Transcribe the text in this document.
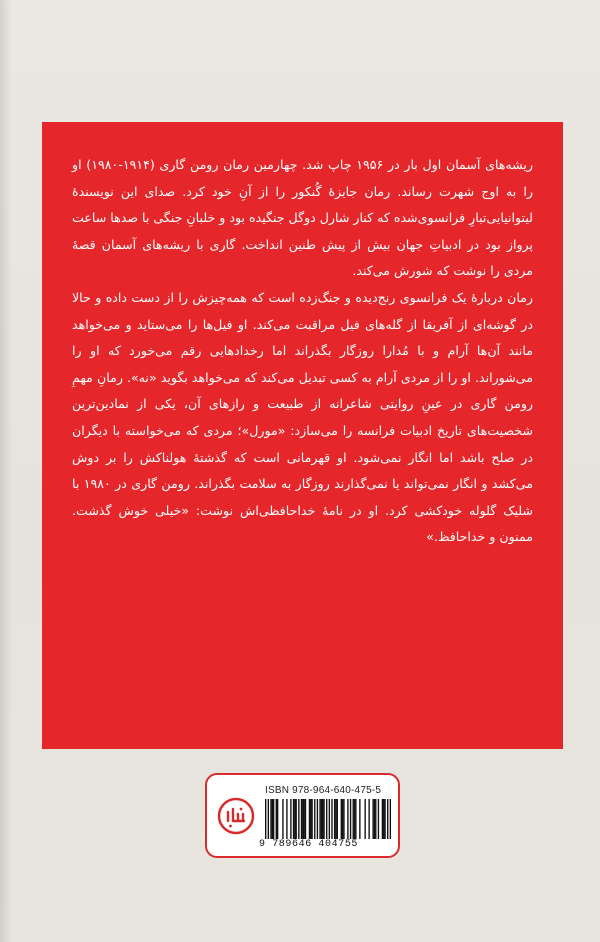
ریشه‌های آسمان اول بار در ۱۹۵۶ چاپ شد. چهارمین رمان رومن گاری (۱۹۱۴-۱۹۸۰) او را به اوج شهرت رساند. رمان جایزهٔ گُنکور را از آنِ خود کرد. صدای این نویسندهٔ لیتوانیایی‌تبارِ فرانسوی‌شده که کنار شارل دوگل جنگیده بود و خلبانِ جنگی با صدها ساعت پرواز بود در ادبیاتِ جهان بیش از پیش طنین انداخت. گاری با ریشه‌های آسمان قصهٔ مردی را نوشت که شورش می‌کند.

رمان دربارهٔ یک فرانسوی رنج‌دیده و جنگ‌زده است که همه‌چیزش را از دست داده و حالا در گوشه‌ای از آفریقا از گله‌های فیل مراقبت می‌کند. او فیل‌ها را می‌ستاید و می‌خواهد مانند آن‌ها آرام و با مُدارا روزگار بگذراند اما رخدادهایی رقم می‌خورد که او را می‌شوراند. او را از مردی آرام به کسی تبدیل می‌کند که می‌خواهد بگوید «نه». رمانِ مهمِ رومن گاری در عینِ روایتی شاعرانه از طبیعت و رازهای آن، یکی از نمادین‌ترین شخصیت‌های تاریخ ادبیات فرانسه را می‌سازد: «مورل»؛ مردی که می‌خواسته با دیگران در صلح باشد اما انگار نمی‌شود. او قهرمانی است که گذشتهٔ هولناکش را بر دوش می‌کشد و انگار نمی‌تواند یا نمی‌گذارند روزگار به سلامت بگذراند. رومن گاری در ۱۹۸۰ با شلیک گلوله خودکشی کرد. او در نامهٔ خداحافظی‌اش نوشت: «خیلی خوش گذشت. ممنون و خداحافظ.»

ISBN 978-964-640-475-5
9 789646 404755
